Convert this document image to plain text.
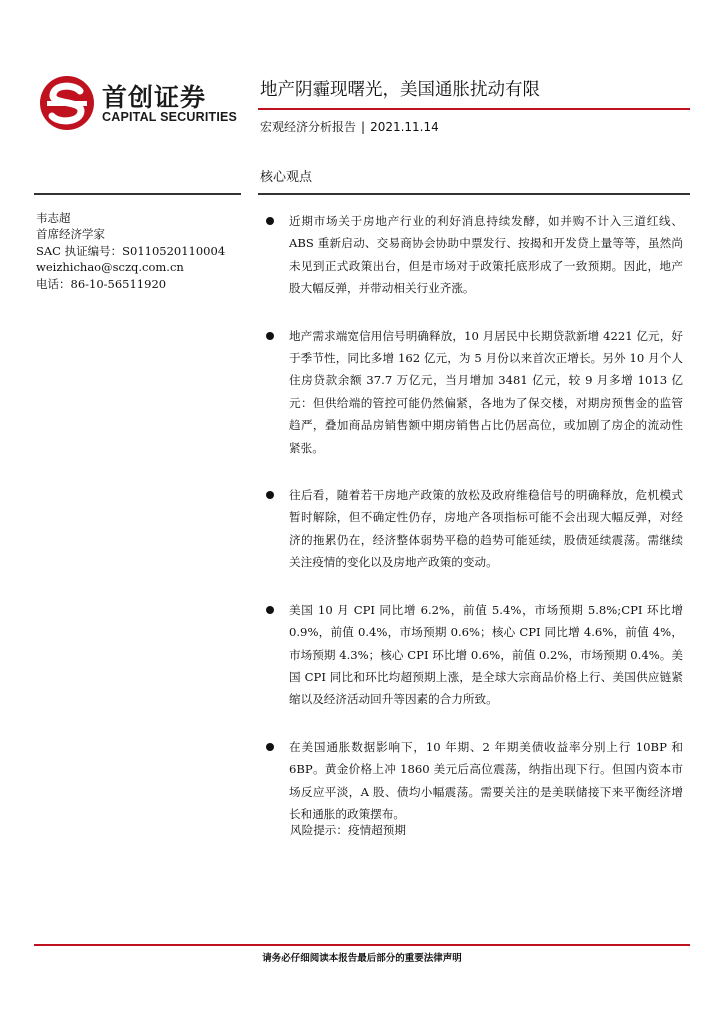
首创证券
CAPITAL SECURITIES
地产阴霾现曙光，美国通胀扰动有限
宏观经济分析报告 | 2021.11.14
核心观点
韦志超
首席经济学家
SAC 执证编号：S0110520110004
weizhichao@sczq.com.cn
电话：86-10-56511920
近期市场关于房地产行业的利好消息持续发酵，如并购不计入三道红线、ABS 重新启动、交易商协会协助中票发行、按揭和开发贷上量等等，虽然尚未见到正式政策出台，但是市场对于政策托底形成了一致预期。因此，地产股大幅反弹，并带动相关行业齐涨。
地产需求端宽信用信号明确释放，10 月居民中长期贷款新增 4221 亿元，好于季节性，同比多增 162 亿元，为 5 月份以来首次正增长。另外 10 月个人住房贷款余额 37.7 万亿元，当月增加 3481 亿元，较 9 月多增 1013 亿元：但供给端的管控可能仍然偏紧，各地为了保交楼，对期房预售金的监管趋严，叠加商品房销售额中期房销售占比仍居高位，或加剧了房企的流动性紧张。
往后看，随着若干房地产政策的放松及政府维稳信号的明确释放，危机模式暂时解除，但不确定性仍存，房地产各项指标可能不会出现大幅反弹，对经济的拖累仍在，经济整体弱势平稳的趋势可能延续，股债延续震荡。需继续关注疫情的变化以及房地产政策的变动。
美国 10 月 CPI 同比增 6.2%，前值 5.4%，市场预期 5.8%;CPI 环比增 0.9%，前值 0.4%，市场预期 0.6%；核心 CPI 同比增 4.6%，前值 4%，市场预期 4.3%；核心 CPI 环比增 0.6%，前值 0.2%，市场预期 0.4%。美国 CPI 同比和环比均超预期上涨，是全球大宗商品价格上行、美国供应链紧缩以及经济活动回升等因素的合力所致。
在美国通胀数据影响下，10 年期、2 年期美债收益率分别上行 10BP 和 6BP。黄金价格上冲 1860 美元后高位震荡，纳指出现下行。但国内资本市场反应平淡，A 股、债均小幅震荡。需要关注的是美联储接下来平衡经济增长和通胀的政策摆布。
风险提示：疫情超预期
请务必仔细阅读本报告最后部分的重要法律声明
